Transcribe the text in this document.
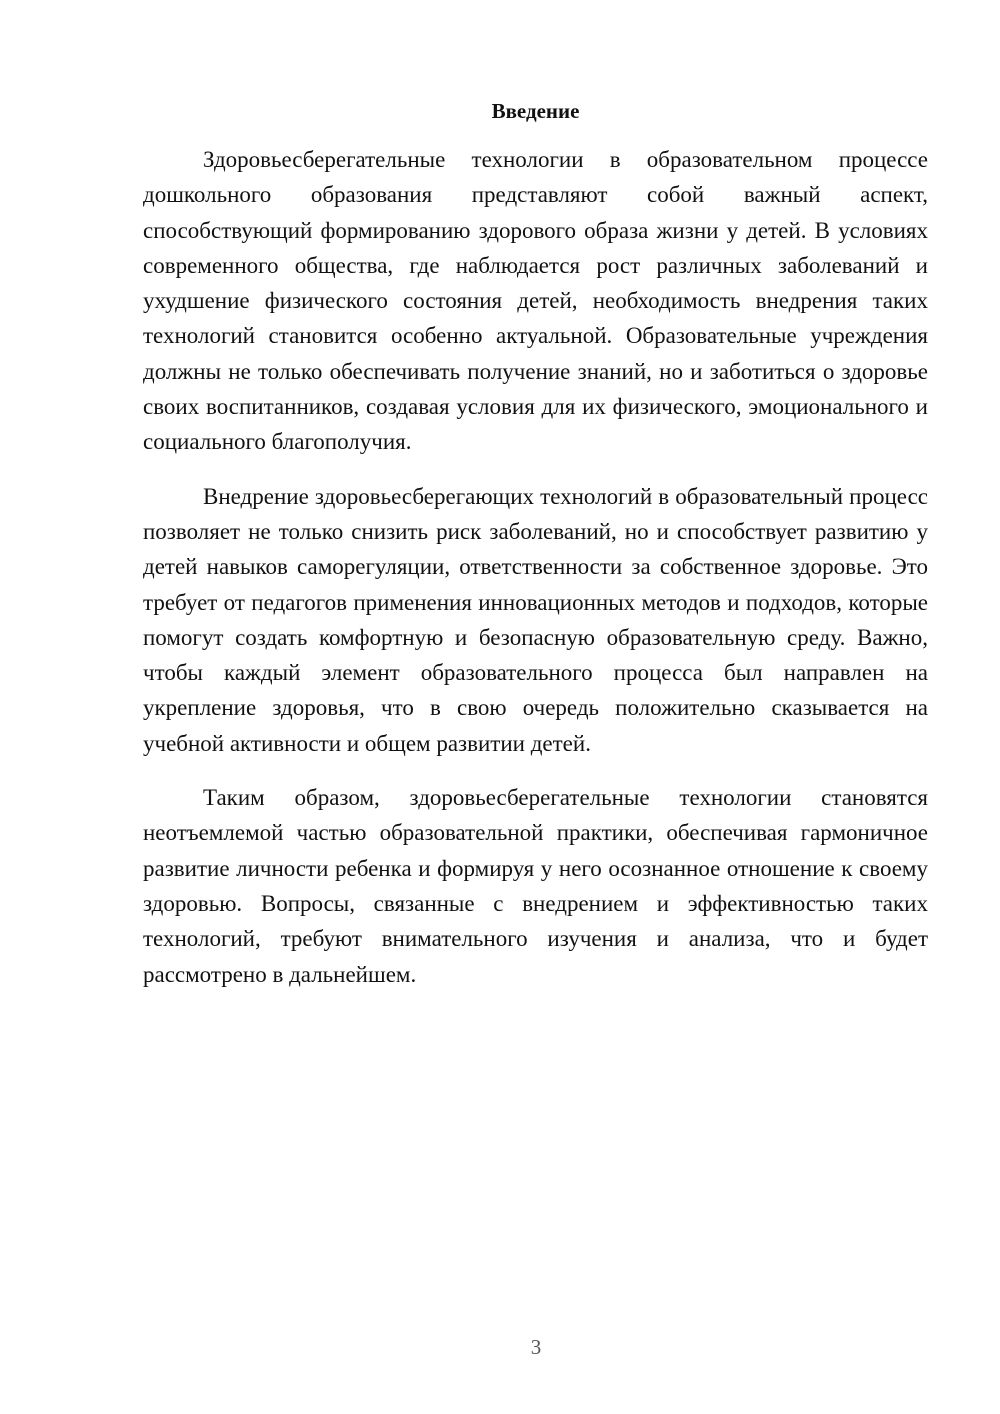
Введение

Здоровьесберегательные технологии в образовательном процессе дошкольного образования представляют собой важный аспект, способствующий формированию здорового образа жизни у детей. В условиях современного общества, где наблюдается рост различных заболеваний и ухудшение физического состояния детей, необходимость внедрения таких технологий становится особенно актуальной. Образовательные учреждения должны не только обеспечивать получение знаний, но и заботиться о здоровье своих воспитанников, создавая условия для их физического, эмоционального и социального благополучия.

Внедрение здоровьесберегающих технологий в образовательный процесс позволяет не только снизить риск заболеваний, но и способствует развитию у детей навыков саморегуляции, ответственности за собственное здоровье. Это требует от педагогов применения инновационных методов и подходов, которые помогут создать комфортную и безопасную образовательную среду. Важно, чтобы каждый элемент образовательного процесса был направлен на укрепление здоровья, что в свою очередь положительно сказывается на учебной активности и общем развитии детей.

Таким образом, здоровьесберегательные технологии становятся неотъемлемой частью образовательной практики, обеспечивая гармоничное развитие личности ребенка и формируя у него осознанное отношение к своему здоровью. Вопросы, связанные с внедрением и эффективностью таких технологий, требуют внимательного изучения и анализа, что и будет рассмотрено в дальнейшем.

3
